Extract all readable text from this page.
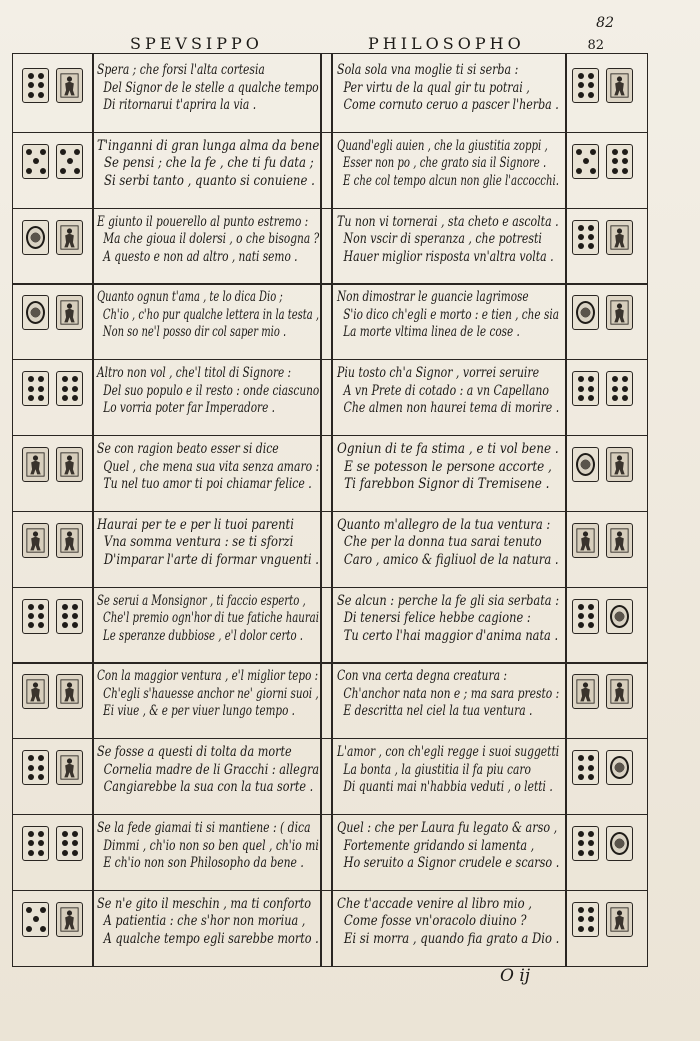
82
82
SPEVSIPPO	PHILOSOPHO
Spera ; che forsi l'alta cortesia
Del Signor de le stelle a qualche tempo
Di ritornarui t'aprira la via .
Sola sola vna moglie ti si serba :
Per virtu de la qual gir tu potrai ,
Come cornuto ceruo a pascer l'herba .
T'inganni di gran lunga alma da bene
Se pensi ; che la fe , che ti fu data ;
Si serbi tanto , quanto si conuiene .
Quand'egli auien , che la giustitia zoppi ,
Esser non po , che grato sia il Signore .
E che col tempo alcun non glie l'accocchi.
E giunto il pouerello al punto estremo :
Ma che gioua il dolersi , o che bisogna ?
A questo e non ad altro , nati semo .
Tu non vi tornerai , sta cheto e ascolta .
Non vscir di speranza , che potresti
Hauer miglior risposta vn'altra volta .
Quanto ognun t'ama , te lo dica Dio ;
Ch'io , c'ho pur qualche lettera in la testa ,
Non so ne'l posso dir col saper mio .
Non dimostrar le guancie lagrimose
S'io dico ch'egli e morto : e tien , che sia
La morte vltima linea de le cose .
Altro non vol , che'l titol di Signore :
Del suo populo e il resto : onde ciascuno
Lo vorria poter far Imperadore .
Piu tosto ch'a Signor , vorrei seruire
A vn Prete di cotado : a vn Capellano
Che almen non haurei tema di morire .
Se con ragion beato esser si dice
Quel , che mena sua vita senza amaro :
Tu nel tuo amor ti poi chiamar felice .
Ogniun di te fa stima , e ti vol bene .
E se potesson le persone accorte ,
Ti farebbon Signor di Tremisene .
Haurai per te e per li tuoi parenti
Vna somma ventura : se ti sforzi
D'imparar l'arte di formar vnguenti .
Quanto m'allegro de la tua ventura :
Che per la donna tua sarai tenuto
Caro , amico & figliuol de la natura .
Se serui a Monsignor , ti faccio esperto ,
Che'l premio ogn'hor di tue fatiche haurai
Le speranze dubbiose , e'l dolor certo .
Se alcun : perche la fe gli sia serbata :
Di tenersi felice hebbe cagione :
Tu certo l'hai maggior d'anima nata .
Con la maggior ventura , e'l miglior tepo :
Ch'egli s'hauesse anchor ne' giorni suoi ,
Ei viue , & e per viuer lungo tempo .
Con vna certa degna creatura :
Ch'anchor nata non e ; ma sara presto :
E descritta nel ciel la tua ventura .
Se fosse a questi di tolta da morte
Cornelia madre de li Gracchi : allegra
Cangiarebbe la sua con la tua sorte .
L'amor , con ch'egli regge i suoi suggetti
La bonta , la giustitia il fa piu caro
Di quanti mai n'habbia veduti , o letti .
Se la fede giamai ti si mantiene : ( dica
Dimmi , ch'io non so ben quel , ch'io mi
E ch'io non son Philosopho da bene .
Quel : che per Laura fu legato & arso ,
Fortemente gridando si lamenta ,
Ho seruito a Signor crudele e scarso .
Se n'e gito il meschin , ma ti conforto
A patientia : che s'hor non moriua ,
A qualche tempo egli sarebbe morto .
Che t'accade venire al libro mio ,
Come fosse vn'oracolo diuino ?
Ei si morra , quando fia grato a Dio .
O ij
